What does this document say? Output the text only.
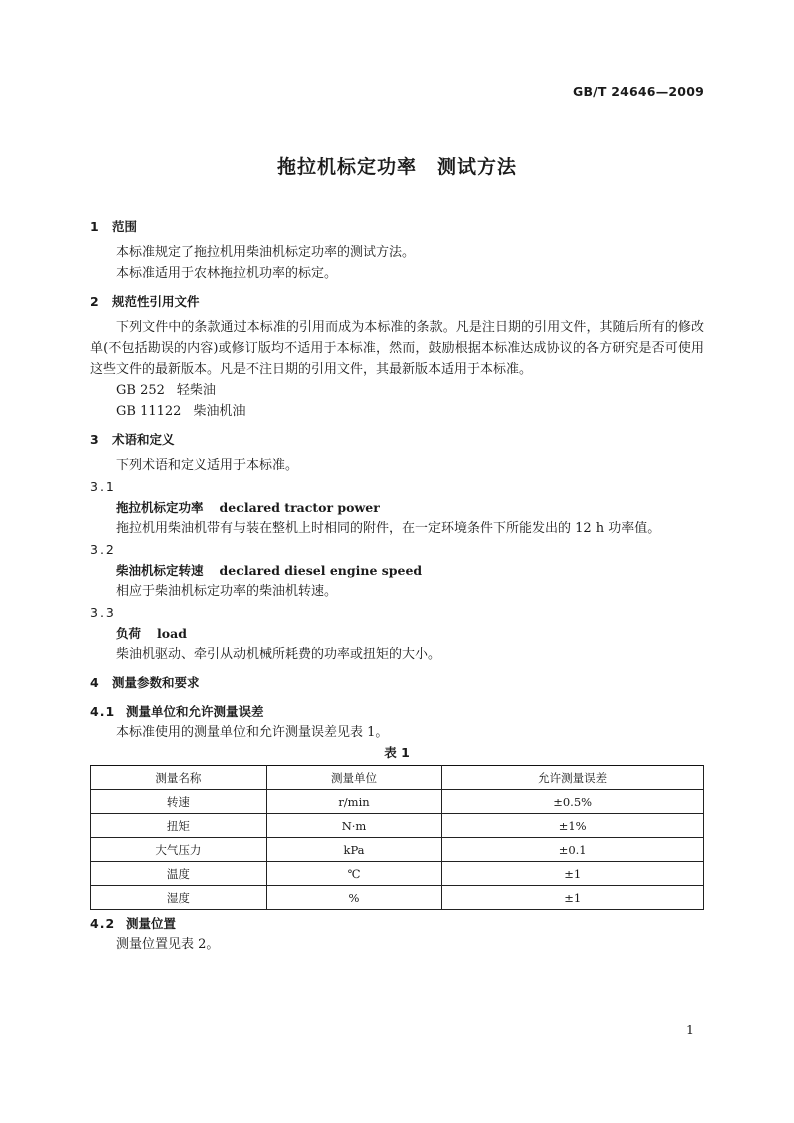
GB/T 24646—2009
拖拉机标定功率　测试方法
1 范围
本标准规定了拖拉机用柴油机标定功率的测试方法。
本标准适用于农林拖拉机功率的标定。
2 规范性引用文件
下列文件中的条款通过本标准的引用而成为本标准的条款。凡是注日期的引用文件，其随后所有的修改单(不包括勘误的内容)或修订版均不适用于本标准，然而，鼓励根据本标准达成协议的各方研究是否可使用这些文件的最新版本。凡是不注日期的引用文件，其最新版本适用于本标准。
GB 252 轻柴油
GB 11122 柴油机油
3 术语和定义
下列术语和定义适用于本标准。
3.1
拖拉机标定功率 declared tractor power
拖拉机用柴油机带有与装在整机上时相同的附件，在一定环境条件下所能发出的 12 h 功率值。
3.2
柴油机标定转速 declared diesel engine speed
相应于柴油机标定功率的柴油机转速。
3.3
负荷 load
柴油机驱动、牵引从动机械所耗费的功率或扭矩的大小。
4 测量参数和要求
4.1 测量单位和允许测量误差
本标准使用的测量单位和允许测量误差见表 1。
表 1
测量名称	测量单位	允许测量误差
转速	r/min	±0.5%
扭矩	N·m	±1%
大气压力	kPa	±0.1
温度	℃	±1
湿度	%	±1
4.2 测量位置
测量位置见表 2。
1
